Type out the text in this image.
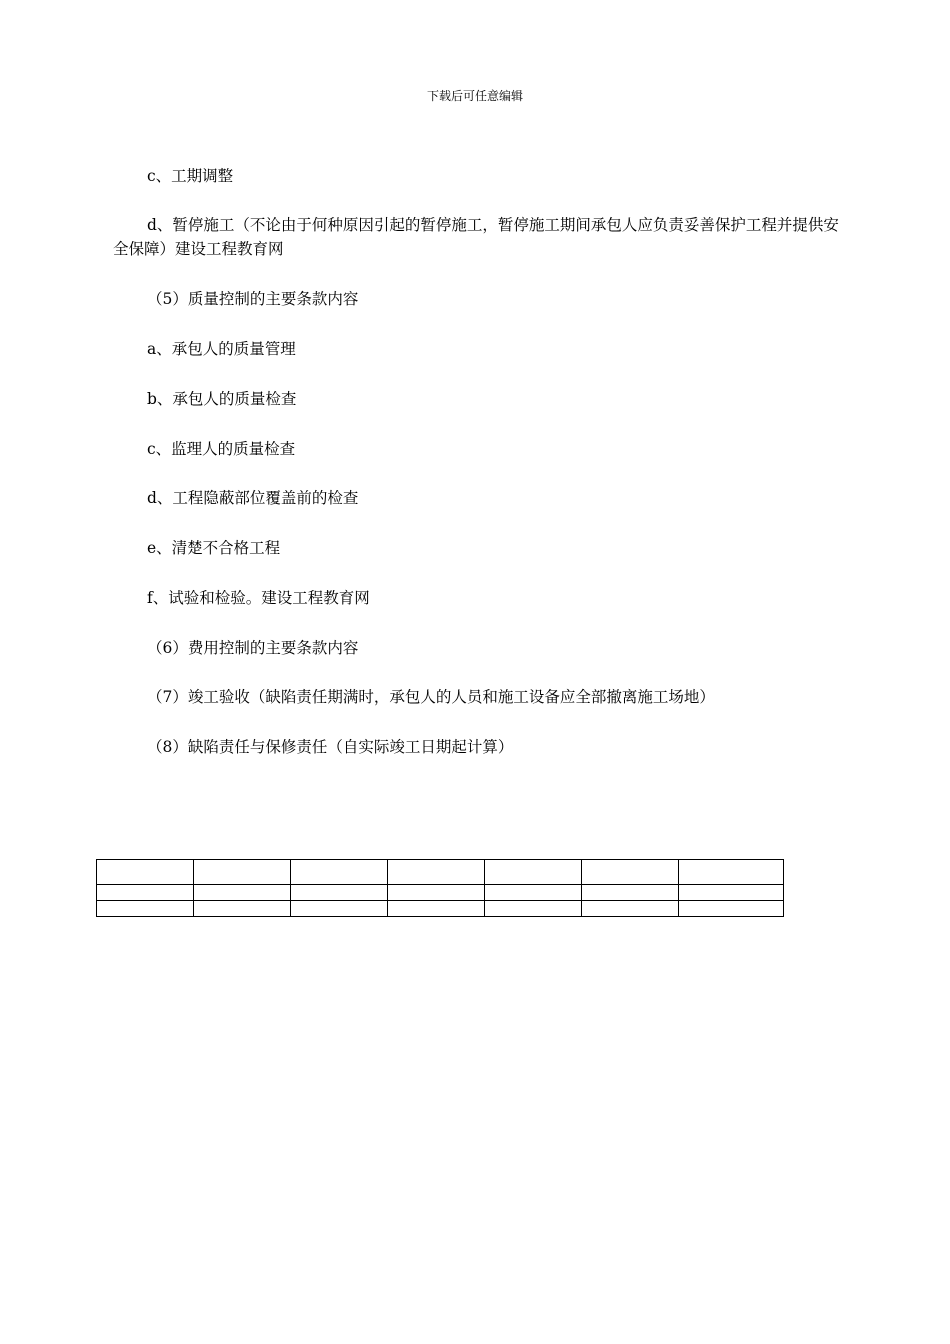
下载后可任意编辑
c、工期调整
d、暂停施工（不论由于何种原因引起的暂停施工，暂停施工期间承包人应负责妥善保护工程并提供安全保障）建设工程教育网
（5）质量控制的主要条款内容
a、承包人的质量管理
b、承包人的质量检查
c、监理人的质量检查
d、工程隐蔽部位覆盖前的检查
e、清楚不合格工程
f、试验和检验。建设工程教育网
（6）费用控制的主要条款内容
（7）竣工验收（缺陷责任期满时，承包人的人员和施工设备应全部撤离施工场地）
（8）缺陷责任与保修责任（自实际竣工日期起计算）
